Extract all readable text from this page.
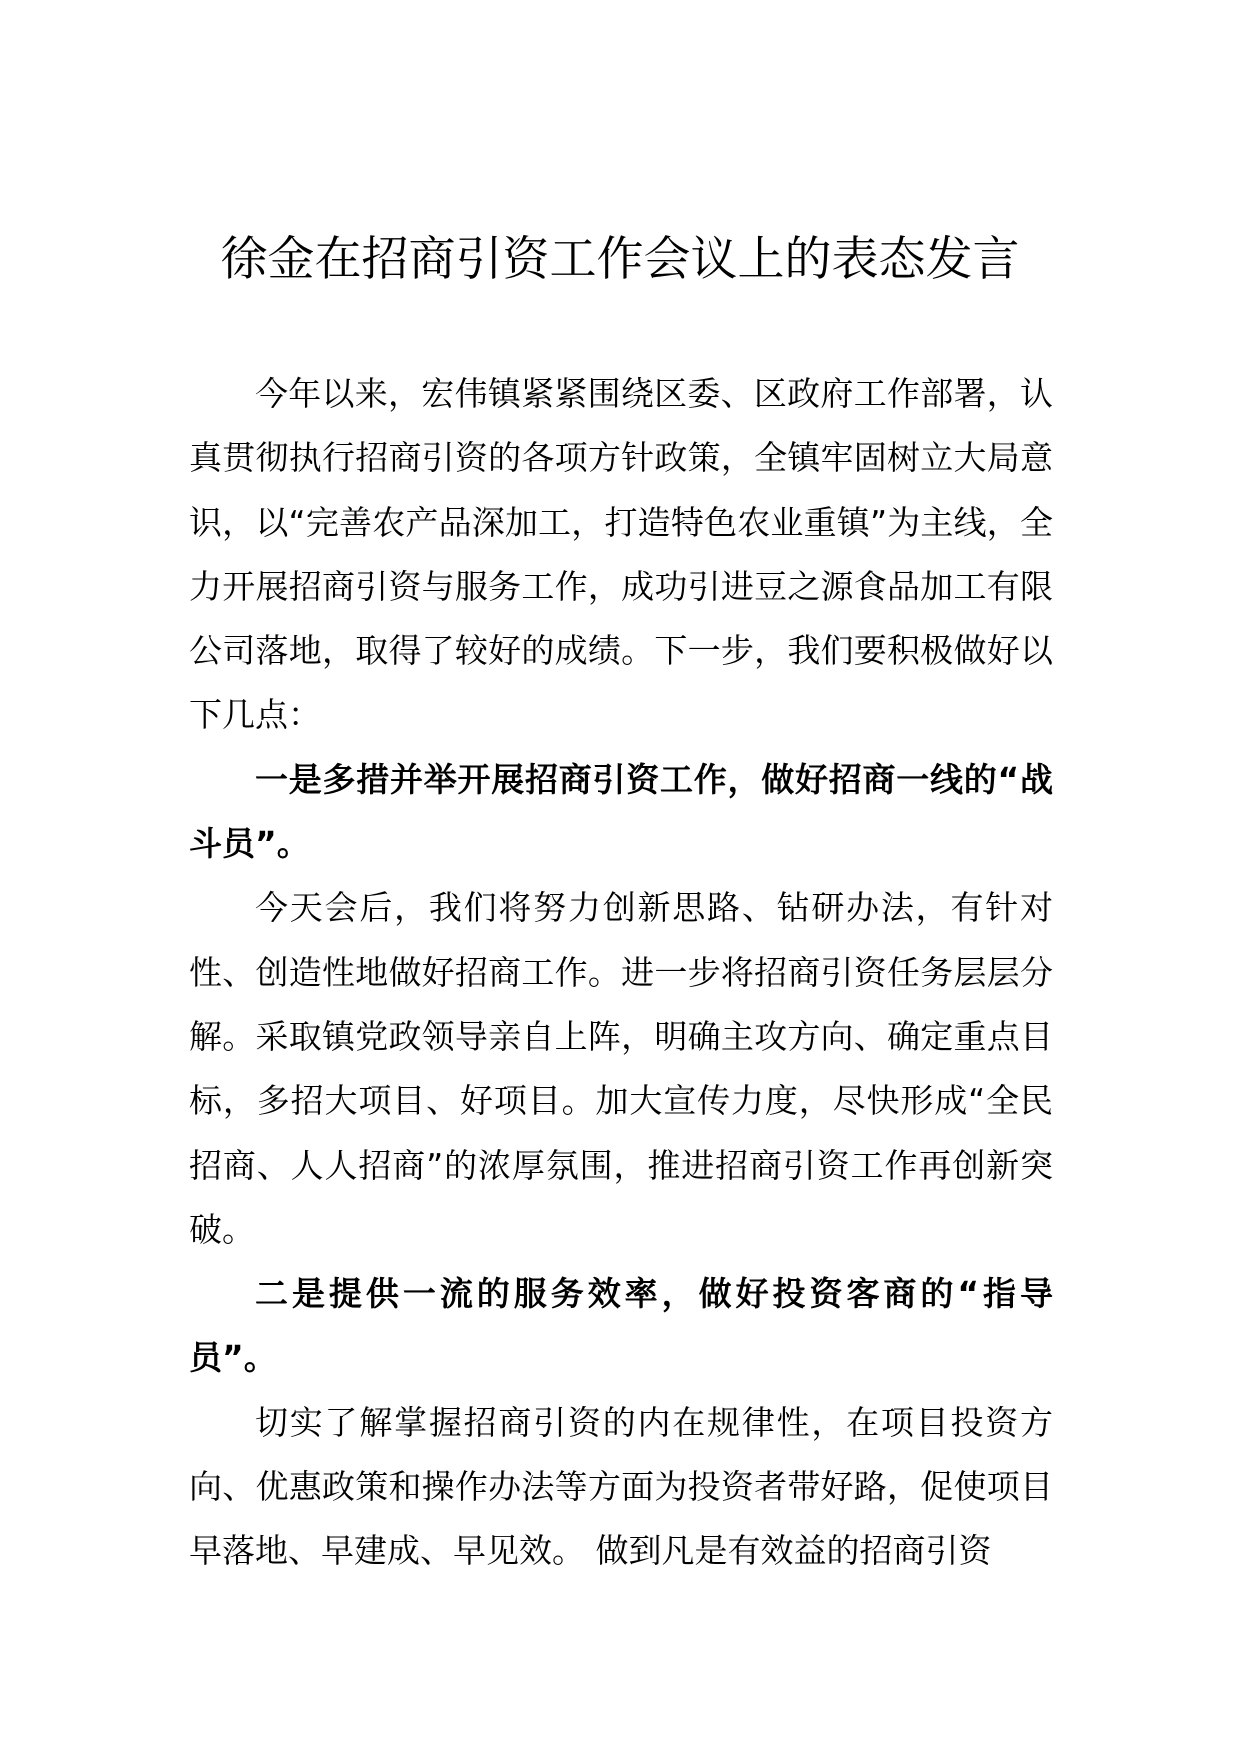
徐金在招商引资工作会议上的表态发言

今年以来，宏伟镇紧紧围绕区委、区政府工作部署，认真贯彻执行招商引资的各项方针政策，全镇牢固树立大局意识，以“完善农产品深加工，打造特色农业重镇”为主线，全力开展招商引资与服务工作，成功引进豆之源食品加工有限公司落地，取得了较好的成绩。下一步，我们要积极做好以下几点：

一是多措并举开展招商引资工作，做好招商一线的“战斗员”。

今天会后，我们将努力创新思路、钻研办法，有针对性、创造性地做好招商工作。进一步将招商引资任务层层分解。采取镇党政领导亲自上阵，明确主攻方向、确定重点目标，多招大项目、好项目。加大宣传力度，尽快形成“全民招商、人人招商”的浓厚氛围，推进招商引资工作再创新突破。

二是提供一流的服务效率，做好投资客商的“指导员”。

切实了解掌握招商引资的内在规律性，在项目投资方向、优惠政策和操作办法等方面为投资者带好路，促使项目早落地、早建成、早见效。 做到凡是有效益的招商引资
